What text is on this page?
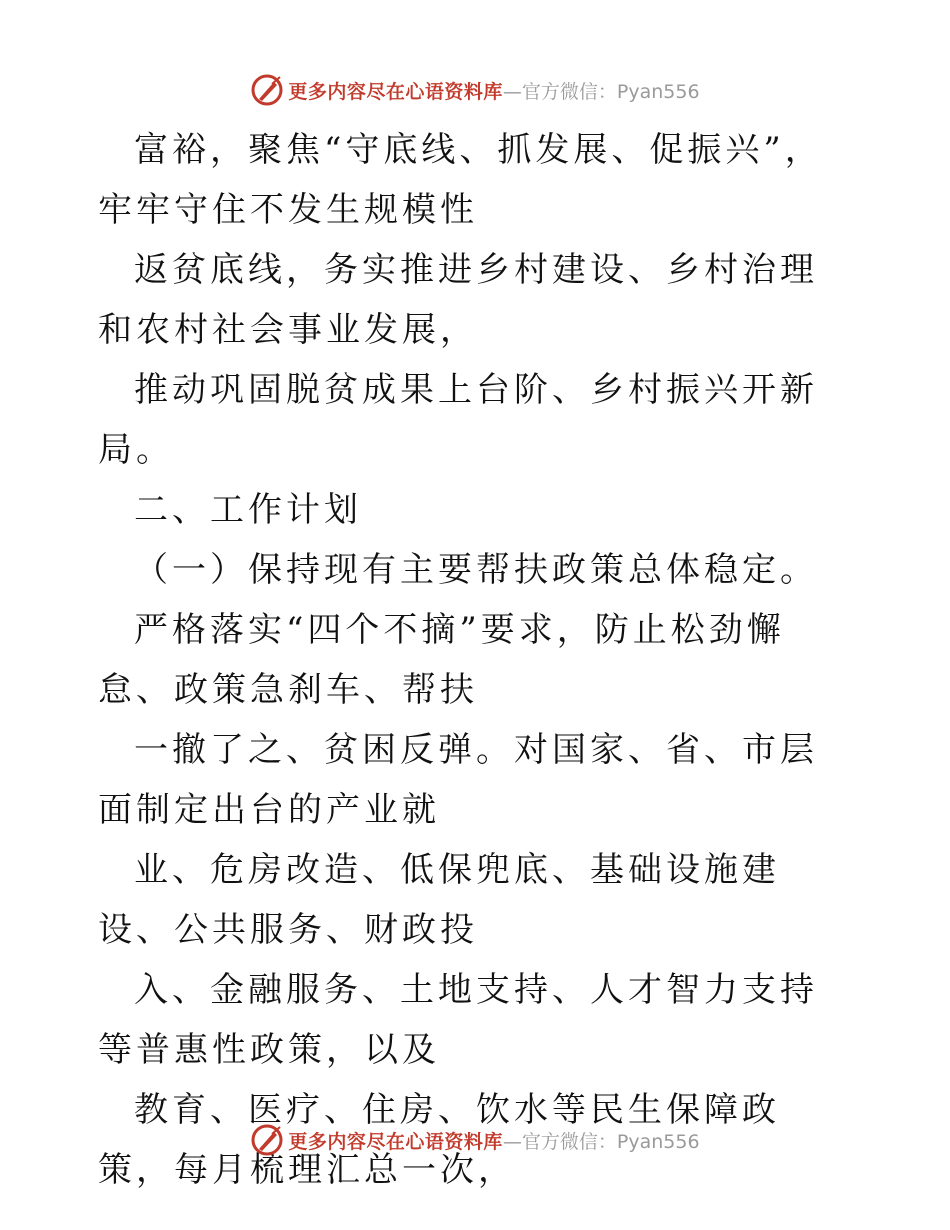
更多内容尽在心语资料库 —官方微信：Pyan556

富裕，聚焦“守底线、抓发展、促振兴”，牢牢守住不发生规模性

返贫底线，务实推进乡村建设、乡村治理和农村社会事业发展，

推动巩固脱贫成果上台阶、乡村振兴开新局。

二、工作计划

（一）保持现有主要帮扶政策总体稳定。

严格落实“四个不摘”要求，防止松劲懈怠、政策急刹车、帮扶

一撤了之、贫困反弹。对国家、省、市层面制定出台的产业就

业、危房改造、低保兜底、基础设施建设、公共服务、财政投

入、金融服务、土地支持、人才智力支持等普惠性政策，以及

教育、医疗、住房、饮水等民生保障政策，每月梳理汇总一次，

更多内容尽在心语资料库 —官方微信：Pyan556
